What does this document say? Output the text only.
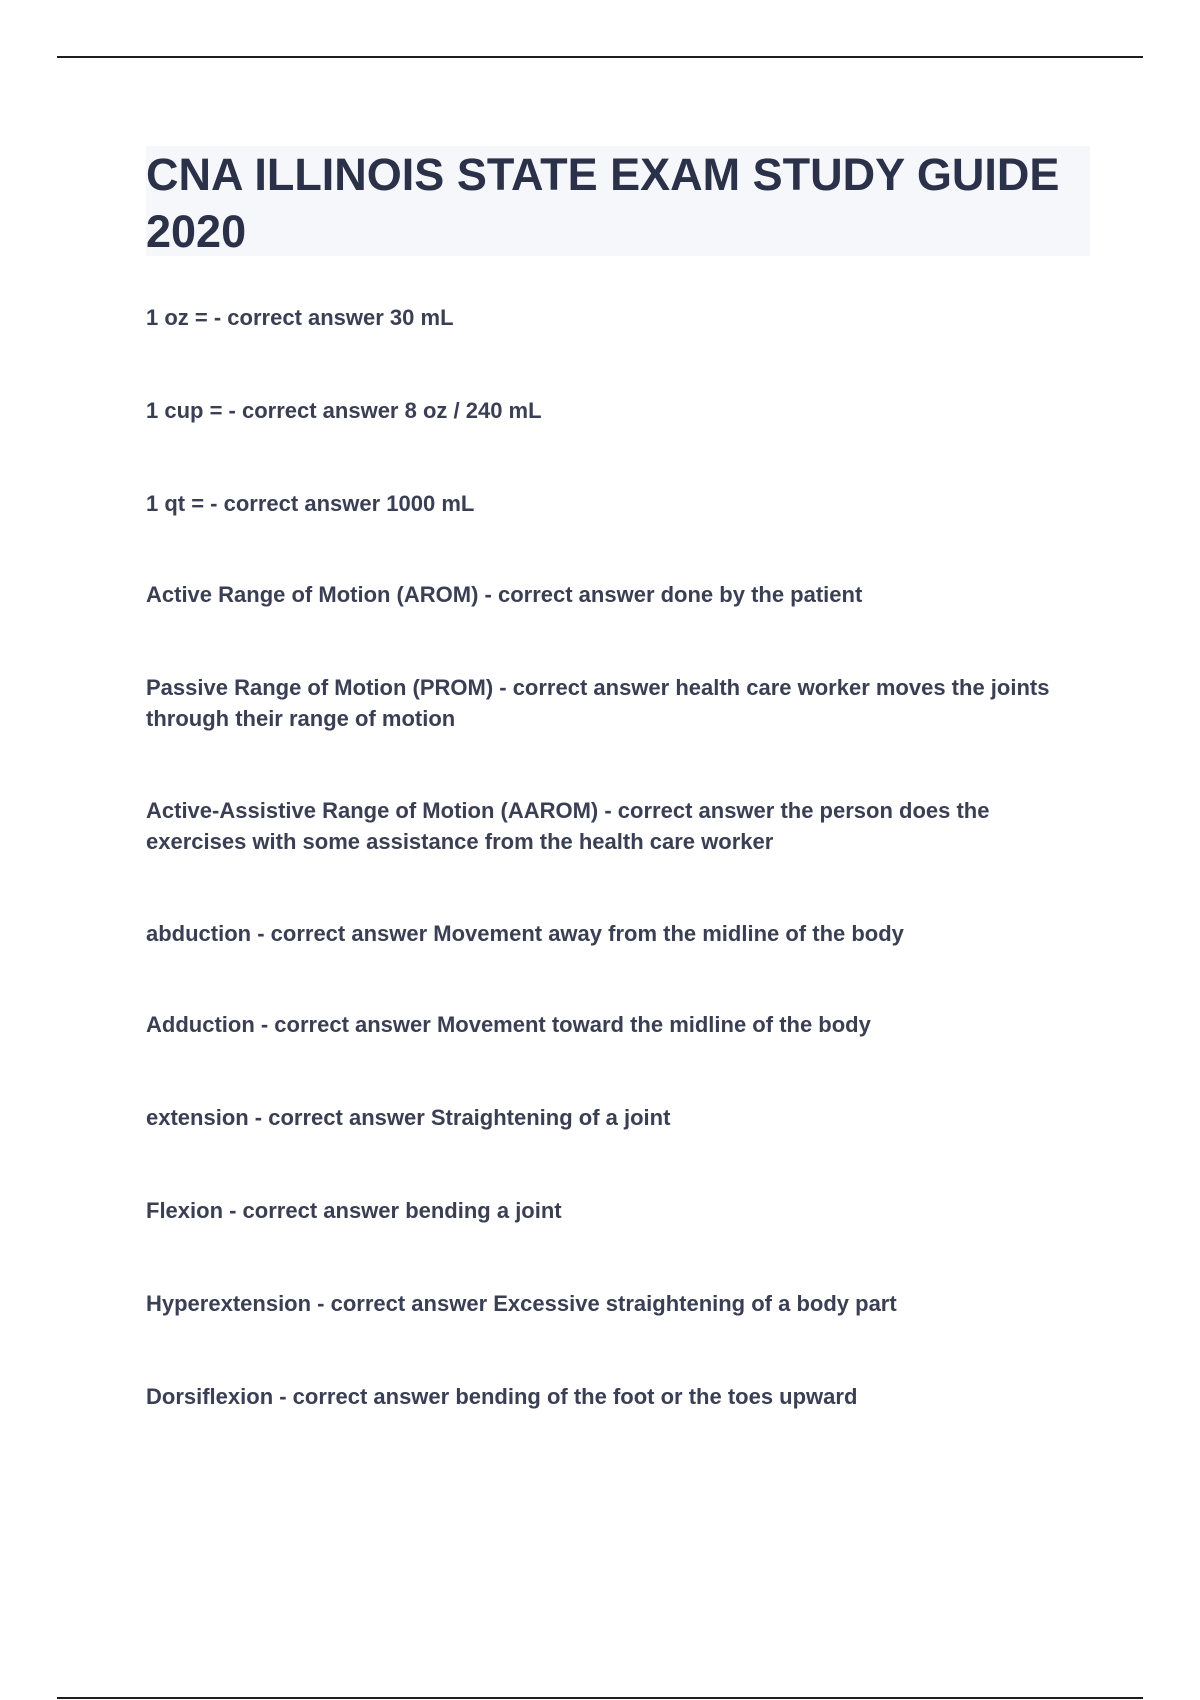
CNA ILLINOIS STATE EXAM STUDY GUIDE 2020

1 oz = - correct answer 30 mL

1 cup = - correct answer 8 oz / 240 mL

1 qt = - correct answer 1000 mL

Active Range of Motion (AROM) - correct answer done by the patient

Passive Range of Motion (PROM) - correct answer health care worker moves the joints through their range of motion

Active-Assistive Range of Motion (AAROM) - correct answer the person does the exercises with some assistance from the health care worker

abduction - correct answer Movement away from the midline of the body

Adduction - correct answer Movement toward the midline of the body

extension - correct answer Straightening of a joint

Flexion - correct answer bending a joint

Hyperextension - correct answer Excessive straightening of a body part

Dorsiflexion - correct answer bending of the foot or the toes upward
